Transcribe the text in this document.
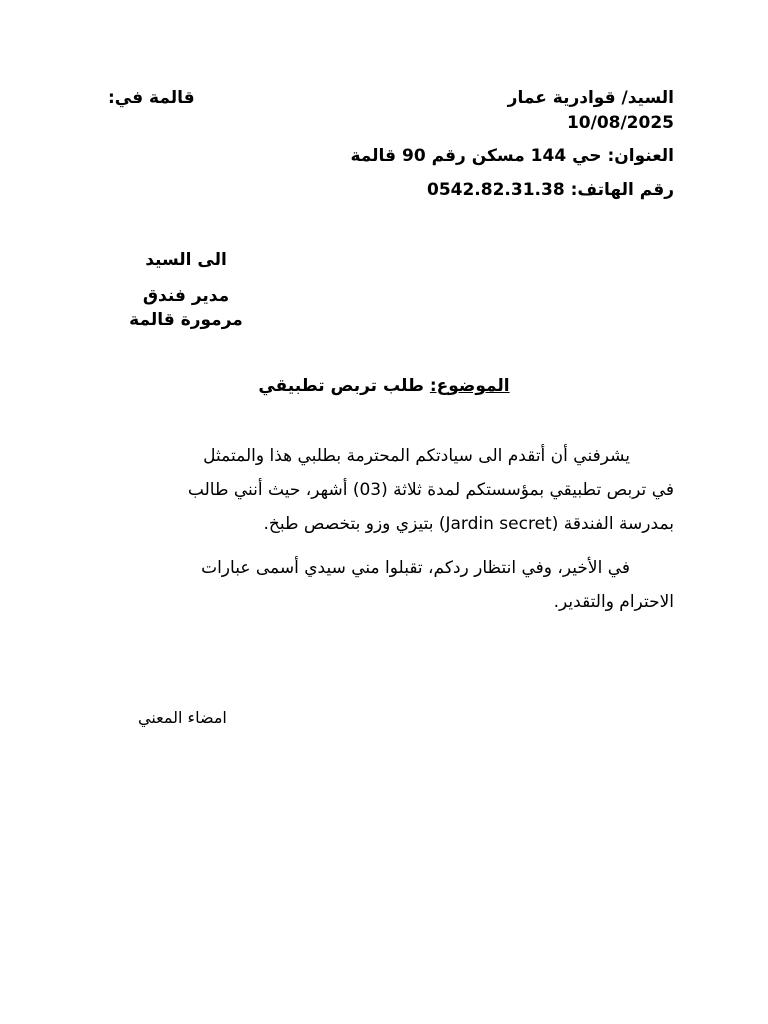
السيد/ قوادرية عمار
قالمة في:
10/08/2025
العنوان: حي 144 مسكن رقم 90 قالمة
رقم الهاتف: 0542.82.31.38
الى السيد
مدير فندق
مرمورة قالمة
الموضوع: طلب تربص تطبيقي
يشرفني أن أتقدم الى سيادتكم المحترمة بطلبي هذا والمتمثل
في تربص تطبيقي بمؤسستكم لمدة ثلاثة (03) أشهر، حيث أنني طالب
بمدرسة الفندقة (Jardin secret) بتيزي وزو بتخصص طبخ.
في الأخير، وفي انتظار ردكم، تقبلوا مني سيدي أسمى عبارات
الاحترام والتقدير.
امضاء المعني
